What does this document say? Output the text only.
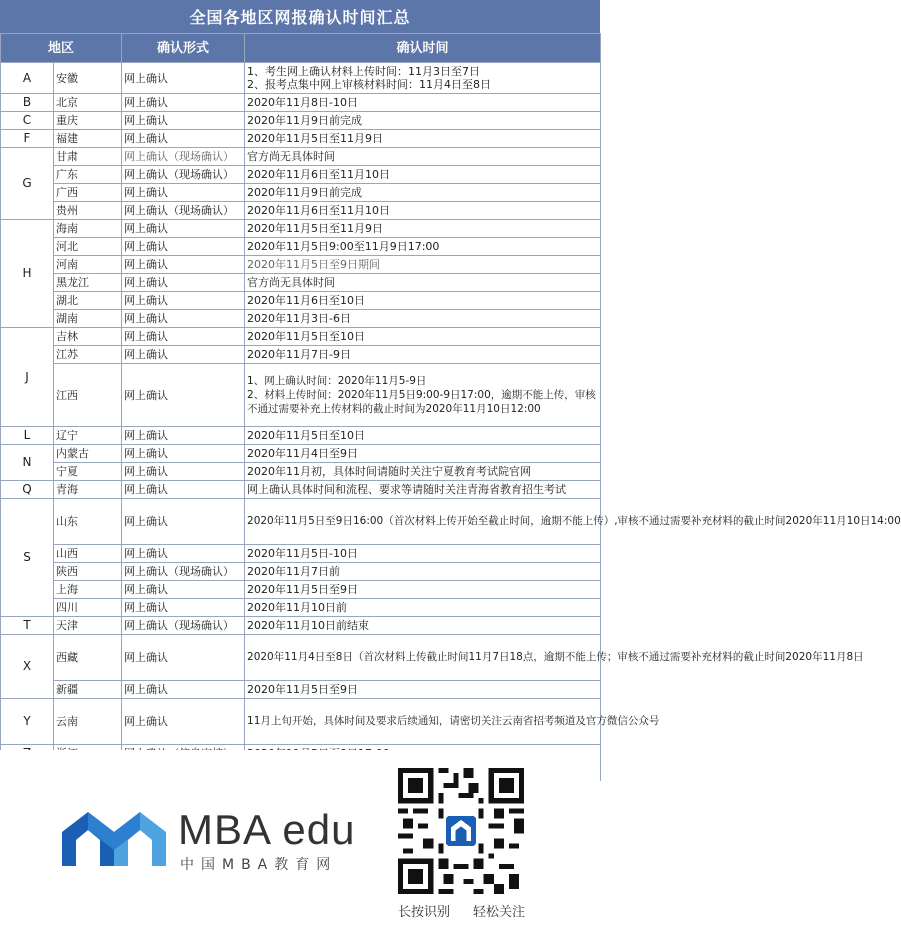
全国各地区网报确认时间汇总
地区		确认形式	确认时间
A	安徽	网上确认	1、考生网上确认材料上传时间：11月3日至7日
2、报考点集中网上审核材料时间：11月4日至8日
B	北京	网上确认	2020年11月8日-10日
C	重庆	网上确认	2020年11月9日前完成
F	福建	网上确认	2020年11月5日至11月9日
G	甘肃	网上确认（现场确认）	官方尚无具体时间
	广东	网上确认（现场确认）	2020年11月6日至11月10日
	广西	网上确认	2020年11月9日前完成
	贵州	网上确认（现场确认）	2020年11月6日至11月10日
H	海南	网上确认	2020年11月5日至11月9日
	河北	网上确认	2020年11月5日9:00至11月9日17:00
	河南	网上确认	2020年11月5日至9日期间
	黑龙江	网上确认	官方尚无具体时间
	湖北	网上确认	2020年11月6日至10日
	湖南	网上确认	2020年11月3日-6日
J	吉林	网上确认	2020年11月5日至10日
	江苏	网上确认	2020年11月7日-9日
	江西	网上确认	1、网上确认时间：2020年11月5-9日
2、材料上传时间：2020年11月5日9:00-9日17:00，逾期不能上传，审核不通过需要补充上传材料的截止时间为2020年11月10日12:00
L	辽宁	网上确认	2020年11月5日至10日
N	内蒙古	网上确认	2020年11月4日至9日
	宁夏	网上确认	2020年11月初，具体时间请随时关注宁夏教育考试院官网
Q	青海	网上确认	网上确认具体时间和流程、要求等请随时关注青海省教育招生考试
S	山东	网上确认	2020年11月5日至9日16:00（首次材料上传开始至截止时间，逾期不能上传）,审核不通过需要补充材料的截止时间2020年11月10日14:00
	山西	网上确认	2020年11月5日-10日
	陕西	网上确认（现场确认）	2020年11月7日前
	上海	网上确认	2020年11月5日至9日
	四川	网上确认	2020年11月10日前
T	天津	网上确认（现场确认）	2020年11月10日前结束
X	西藏	网上确认	2020年11月4日至8日（首次材料上传截止时间11月7日18点，逾期不能上传；审核不通过需要补充材料的截止时间2020年11月8日
	新疆	网上确认	2020年11月5日至9日
Y	云南	网上确认	11月上旬开始，具体时间及要求后续通知，请密切关注云南省招考频道及官方微信公众号

MBA edu
中国MBA教育网
长按识别 轻松关注
